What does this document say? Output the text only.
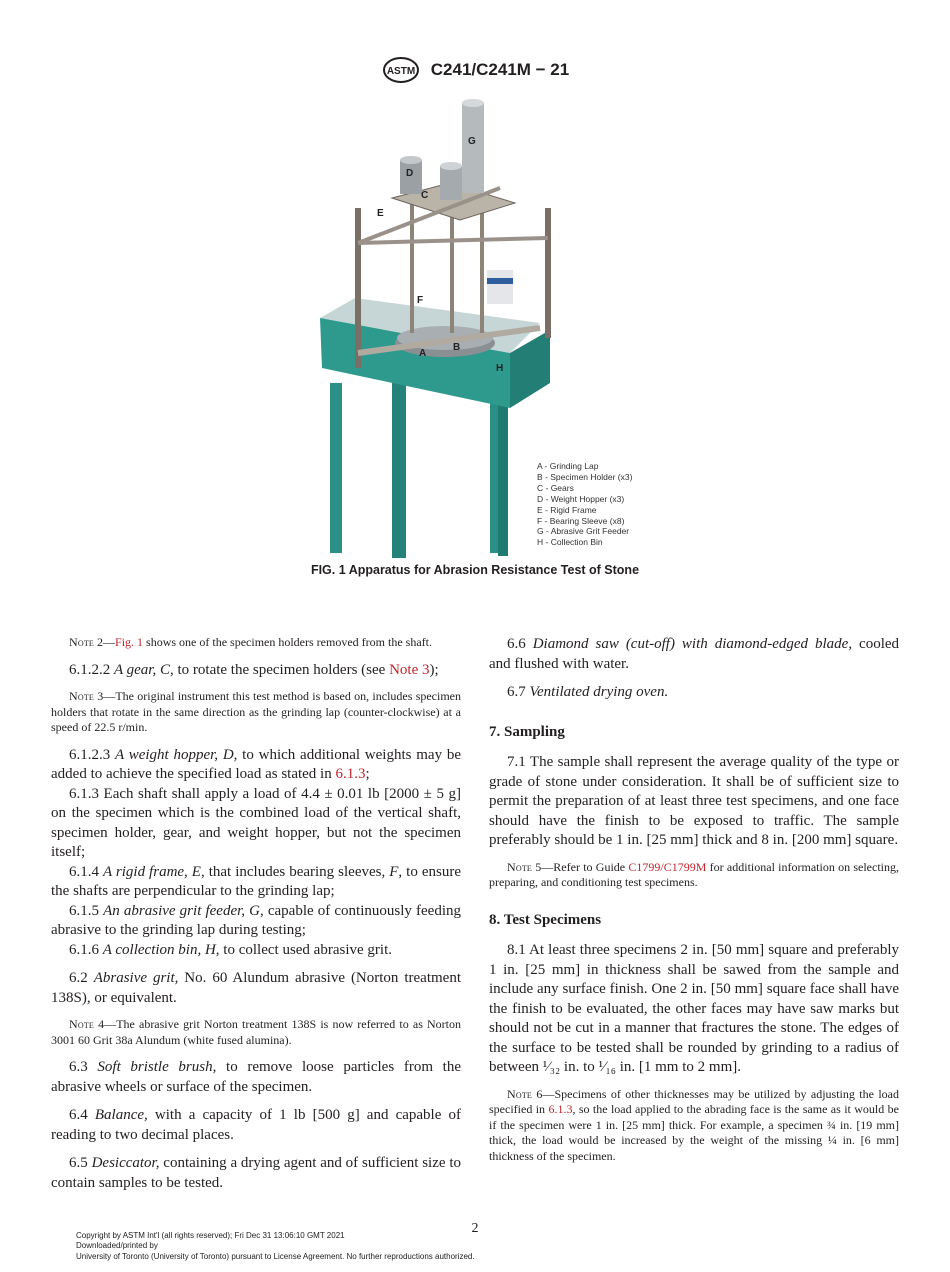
ASTM C241/C241M − 21
G
D
C
E
F
A
B
H
A - Grinding Lap
B - Specimen Holder (x3)
C - Gears
D - Weight Hopper (x3)
E - Rigid Frame
F - Bearing Sleeve (x8)
G - Abrasive Grit Feeder
H - Collection Bin
FIG. 1 Apparatus for Abrasion Resistance Test of Stone

Note 2—Fig. 1 shows one of the specimen holders removed from the shaft.

6.1.2.2 A gear, C, to rotate the specimen holders (see Note 3);

Note 3—The original instrument this test method is based on, includes specimen holders that rotate in the same direction as the grinding lap (counter-clockwise) at a speed of 22.5 r/min.

6.1.2.3 A weight hopper, D, to which additional weights may be added to achieve the specified load as stated in 6.1.3;

6.1.3 Each shaft shall apply a load of 4.4 ± 0.01 lb [2000 ± 5 g] on the specimen which is the combined load of the vertical shaft, specimen holder, gear, and weight hopper, but not the specimen itself;

6.1.4 A rigid frame, E, that includes bearing sleeves, F, to ensure the shafts are perpendicular to the grinding lap;

6.1.5 An abrasive grit feeder, G, capable of continuously feeding abrasive to the grinding lap during testing;

6.1.6 A collection bin, H, to collect used abrasive grit.

6.2 Abrasive grit, No. 60 Alundum abrasive (Norton treatment 138S), or equivalent.

Note 4—The abrasive grit Norton treatment 138S is now referred to as Norton 3001 60 Grit 38a Alundum (white fused alumina).

6.3 Soft bristle brush, to remove loose particles from the abrasive wheels or surface of the specimen.

6.4 Balance, with a capacity of 1 lb [500 g] and capable of reading to two decimal places.

6.5 Desiccator, containing a drying agent and of sufficient size to contain samples to be tested.

6.6 Diamond saw (cut-off) with diamond-edged blade, cooled and flushed with water.

6.7 Ventilated drying oven.

7. Sampling

7.1 The sample shall represent the average quality of the type or grade of stone under consideration. It shall be of sufficient size to permit the preparation of at least three test specimens, and one face should have the finish to be exposed to traffic. The sample preferably should be 1 in. [25 mm] thick and 8 in. [200 mm] square.

Note 5—Refer to Guide C1799/C1799M for additional information on selecting, preparing, and conditioning test specimens.

8. Test Specimens

8.1 At least three specimens 2 in. [50 mm] square and preferably 1 in. [25 mm] in thickness shall be sawed from the sample and include any surface finish. One 2 in. [50 mm] square face shall have the finish to be evaluated, the other faces may have saw marks but should not be cut in a manner that fractures the stone. The edges of the surface to be tested shall be rounded by grinding to a radius of between ¹⁄₃₂ in. to ¹⁄₁₆ in. [1 mm to 2 mm].

Note 6—Specimens of other thicknesses may be utilized by adjusting the load specified in 6.1.3, so the load applied to the abrading face is the same as it would be if the specimen were 1 in. [25 mm] thick. For example, a specimen ¾ in. [19 mm] thick, the load would be increased by the weight of the missing ¼ in. [6 mm] thickness of the specimen.

2
Copyright by ASTM Int'l (all rights reserved); Fri Dec 31 13:06:10 GMT 2021
Downloaded/printed by
University of Toronto (University of Toronto) pursuant to License Agreement. No further reproductions authorized.
